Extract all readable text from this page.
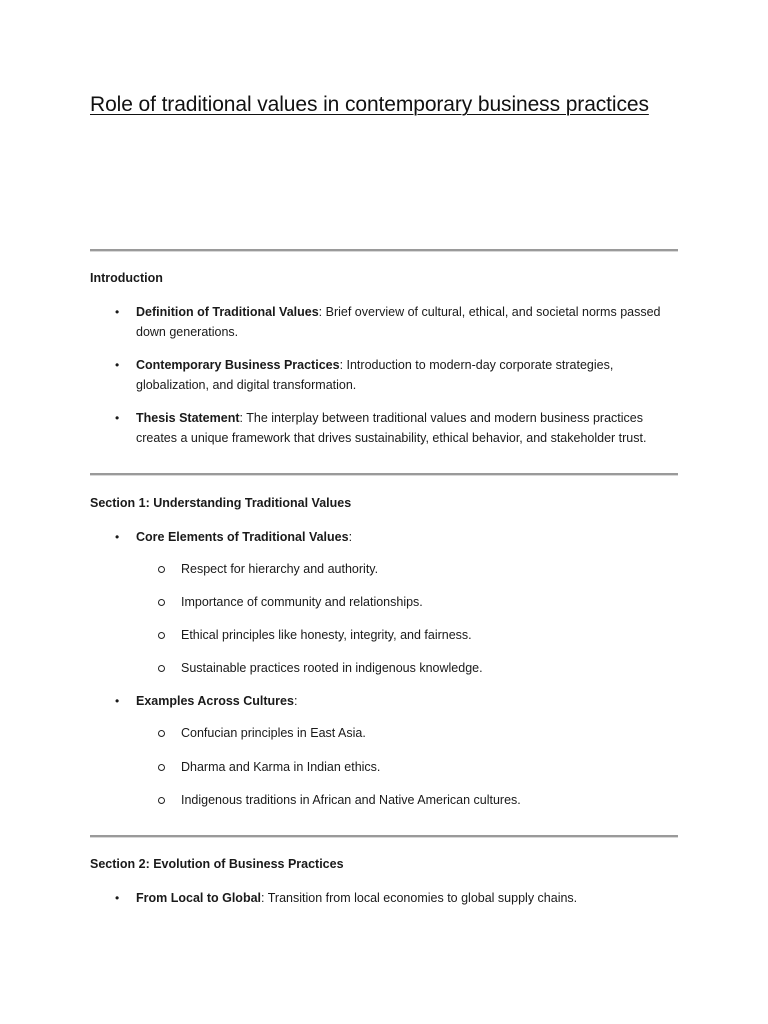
Role of traditional values in contemporary business practices
Introduction
•	Definition of Traditional Values: Brief overview of cultural, ethical, and societal norms passed down generations.
•	Contemporary Business Practices: Introduction to modern-day corporate strategies, globalization, and digital transformation.
•	Thesis Statement: The interplay between traditional values and modern business practices creates a unique framework that drives sustainability, ethical behavior, and stakeholder trust.
Section 1: Understanding Traditional Values
•	Core Elements of Traditional Values:
Respect for hierarchy and authority.
Importance of community and relationships.
Ethical principles like honesty, integrity, and fairness.
Sustainable practices rooted in indigenous knowledge.
•	Examples Across Cultures:
Confucian principles in East Asia.
Dharma and Karma in Indian ethics.
Indigenous traditions in African and Native American cultures.
Section 2: Evolution of Business Practices
•	From Local to Global: Transition from local economies to global supply chains.
